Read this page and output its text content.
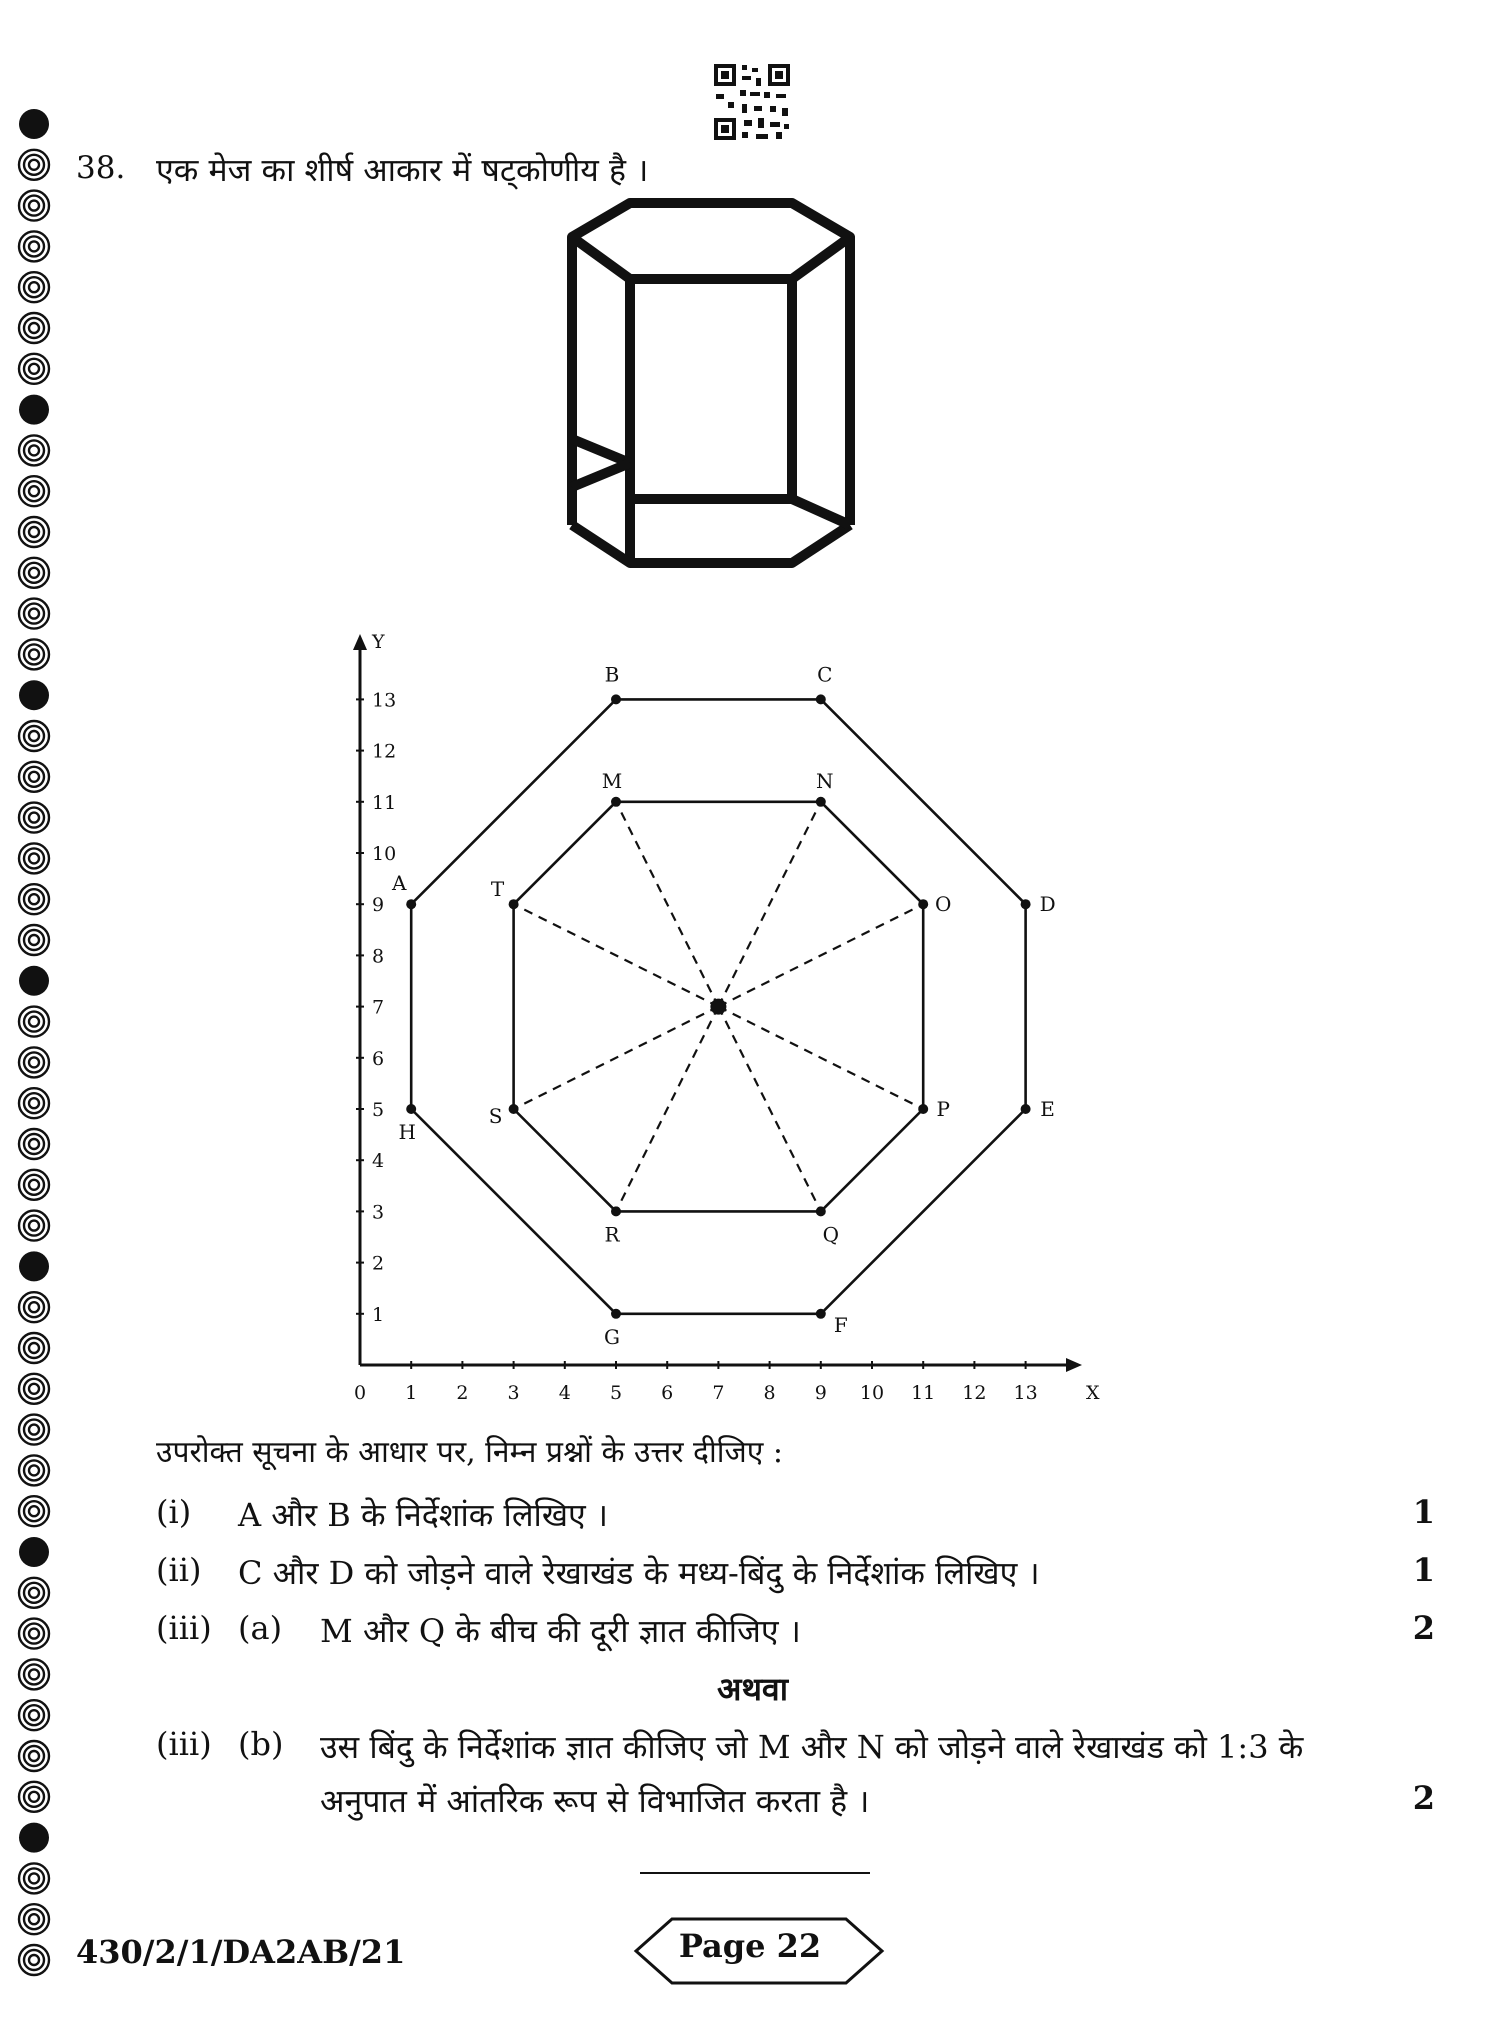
38. एक मेज का शीर्ष आकार में षट्कोणीय है ।
X
Y
0 1 2 3 4 5 6 7 8 9 10 11 12 13
1
2
3
4
5
6
7
8
9
10
11
12
13
A
B	C
D
E
F
G
H
M	N
O
P
Q
R
S
T
उपरोक्त सूचना के आधार पर, निम्न प्रश्नों के उत्तर दीजिए :
(i) A और B के निर्देशांक लिखिए ।	1
(ii) C और D को जोड़ने वाले रेखाखंड के मध्य-बिंदु के निर्देशांक लिखिए ।	1
(iii) (a) M और Q के बीच की दूरी ज्ञात कीजिए ।	2
अथवा
(iii) (b) उस बिंदु के निर्देशांक ज्ञात कीजिए जो M और N को जोड़ने वाले रेखाखंड को 1:3 के
अनुपात में आंतरिक रूप से विभाजित करता है ।	2
430/2/1/DA2AB/21	Page 22
